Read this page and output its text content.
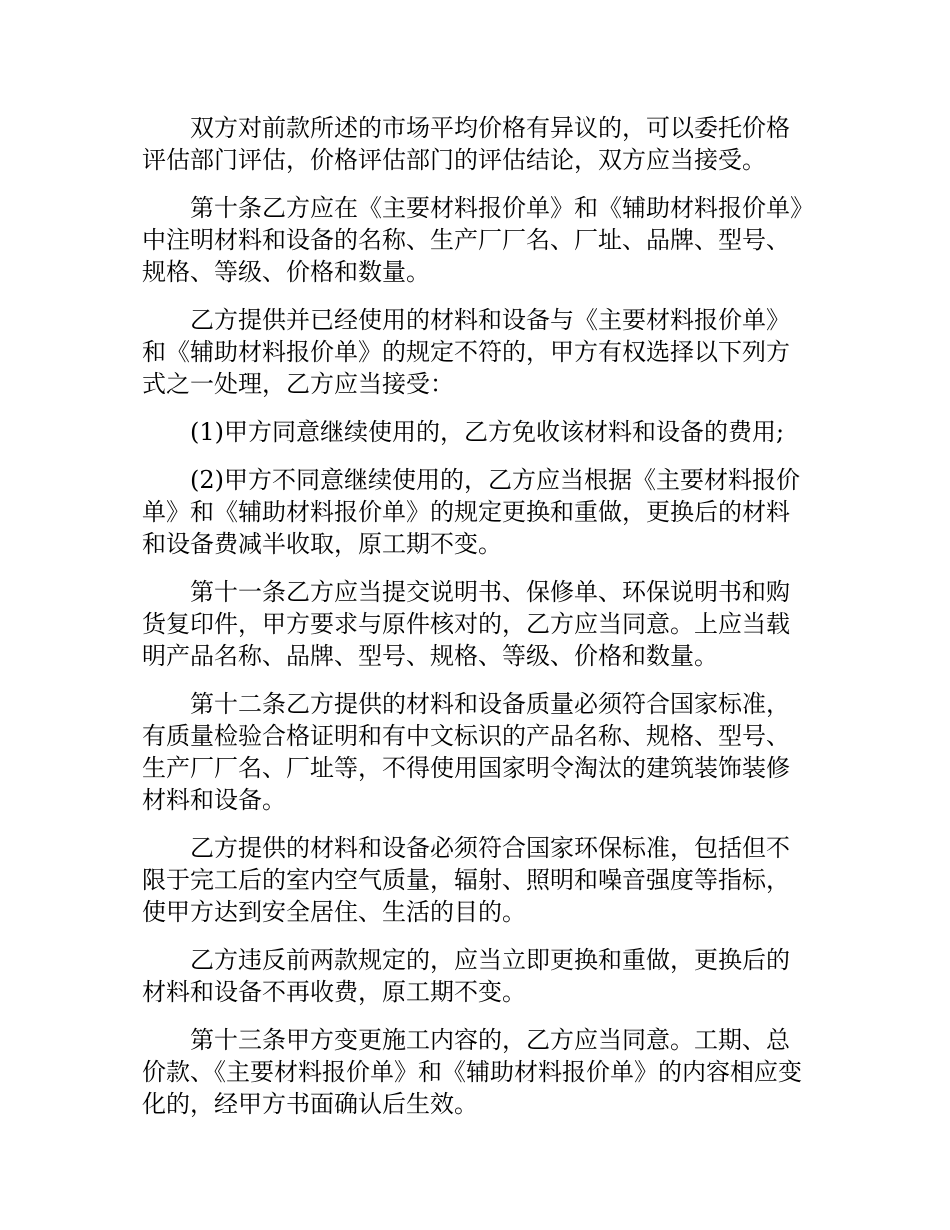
双方对前款所述的市场平均价格有异议的，可以委托价格评估部门评估，价格评估部门的评估结论，双方应当接受。

第十条乙方应在《主要材料报价单》和《辅助材料报价单》中注明材料和设备的名称、生产厂厂名、厂址、品牌、型号、规格、等级、价格和数量。

乙方提供并已经使用的材料和设备与《主要材料报价单》和《辅助材料报价单》的规定不符的，甲方有权选择以下列方式之一处理，乙方应当接受：

(1)甲方同意继续使用的，乙方免收该材料和设备的费用;

(2)甲方不同意继续使用的，乙方应当根据《主要材料报价单》和《辅助材料报价单》的规定更换和重做，更换后的材料和设备费减半收取，原工期不变。

第十一条乙方应当提交说明书、保修单、环保说明书和购货复印件，甲方要求与原件核对的，乙方应当同意。上应当载明产品名称、品牌、型号、规格、等级、价格和数量。

第十二条乙方提供的材料和设备质量必须符合国家标准，有质量检验合格证明和有中文标识的产品名称、规格、型号、生产厂厂名、厂址等，不得使用国家明令淘汰的建筑装饰装修材料和设备。

乙方提供的材料和设备必须符合国家环保标准，包括但不限于完工后的室内空气质量，辐射、照明和噪音强度等指标，使甲方达到安全居住、生活的目的。

乙方违反前两款规定的，应当立即更换和重做，更换后的材料和设备不再收费，原工期不变。

第十三条甲方变更施工内容的，乙方应当同意。工期、总价款、《主要材料报价单》和《辅助材料报价单》的内容相应变化的，经甲方书面确认后生效。
